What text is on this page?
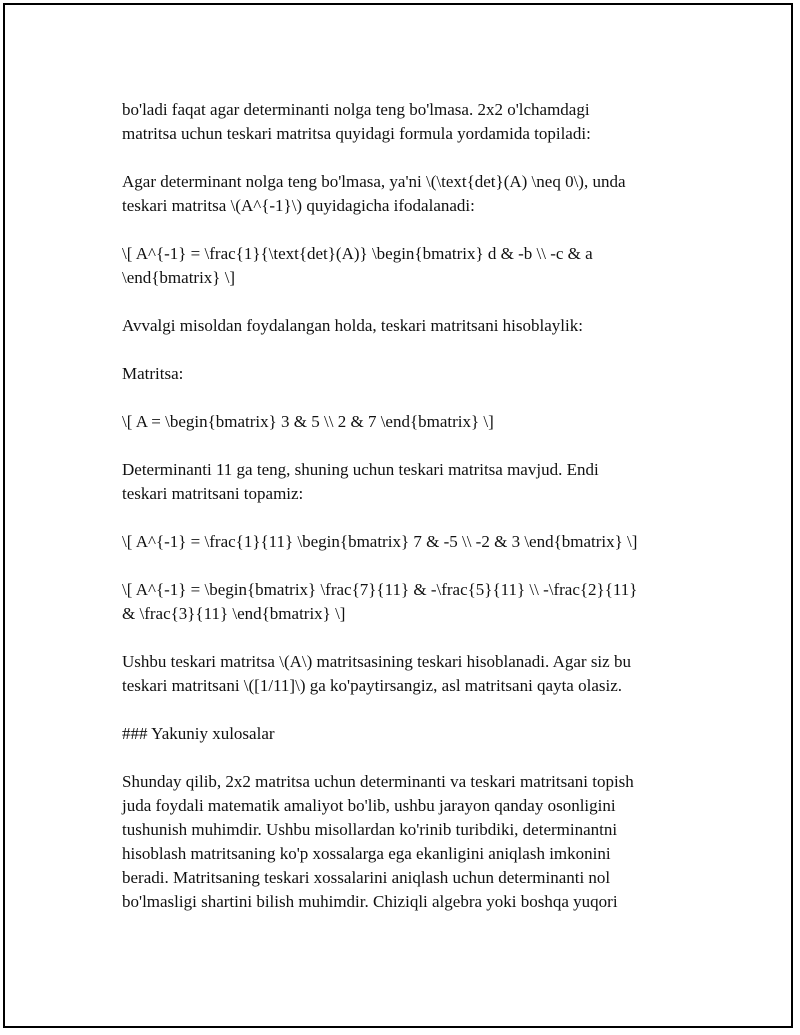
bo'ladi faqat agar determinanti nolga teng bo'lmasa. 2x2 o'lchamdagi
matritsa uchun teskari matritsa quyidagi formula yordamida topiladi:

Agar determinant nolga teng bo'lmasa, ya'ni \(\text{det}(A) \neq 0\), unda
teskari matritsa \(A^{-1}\) quyidagicha ifodalanadi:

\[ A^{-1} = \frac{1}{\text{det}(A)} \begin{bmatrix} d & -b \\ -c & a
\end{bmatrix} \]

Avvalgi misoldan foydalangan holda, teskari matritsani hisoblaylik:

Matritsa:

\[ A = \begin{bmatrix} 3 & 5 \\ 2 & 7 \end{bmatrix} \]

Determinanti 11 ga teng, shuning uchun teskari matritsa mavjud. Endi
teskari matritsani topamiz:

\[ A^{-1} = \frac{1}{11} \begin{bmatrix} 7 & -5 \\ -2 & 3 \end{bmatrix} \]

\[ A^{-1} = \begin{bmatrix} \frac{7}{11} & -\frac{5}{11} \\ -\frac{2}{11}
& \frac{3}{11} \end{bmatrix} \]

Ushbu teskari matritsa \(A\) matritsasining teskari hisoblanadi. Agar siz bu
teskari matritsani \([1/11]\) ga ko'paytirsangiz, asl matritsani qayta olasiz.

### Yakuniy xulosalar

Shunday qilib, 2x2 matritsa uchun determinanti va teskari matritsani topish
juda foydali matematik amaliyot bo'lib, ushbu jarayon qanday osonligini
tushunish muhimdir. Ushbu misollardan ko'rinib turibdiki, determinantni
hisoblash matritsaning ko'p xossalarga ega ekanligini aniqlash imkonini
beradi. Matritsaning teskari xossalarini aniqlash uchun determinanti nol
bo'lmasligi shartini bilish muhimdir. Chiziqli algebra yoki boshqa yuqori
